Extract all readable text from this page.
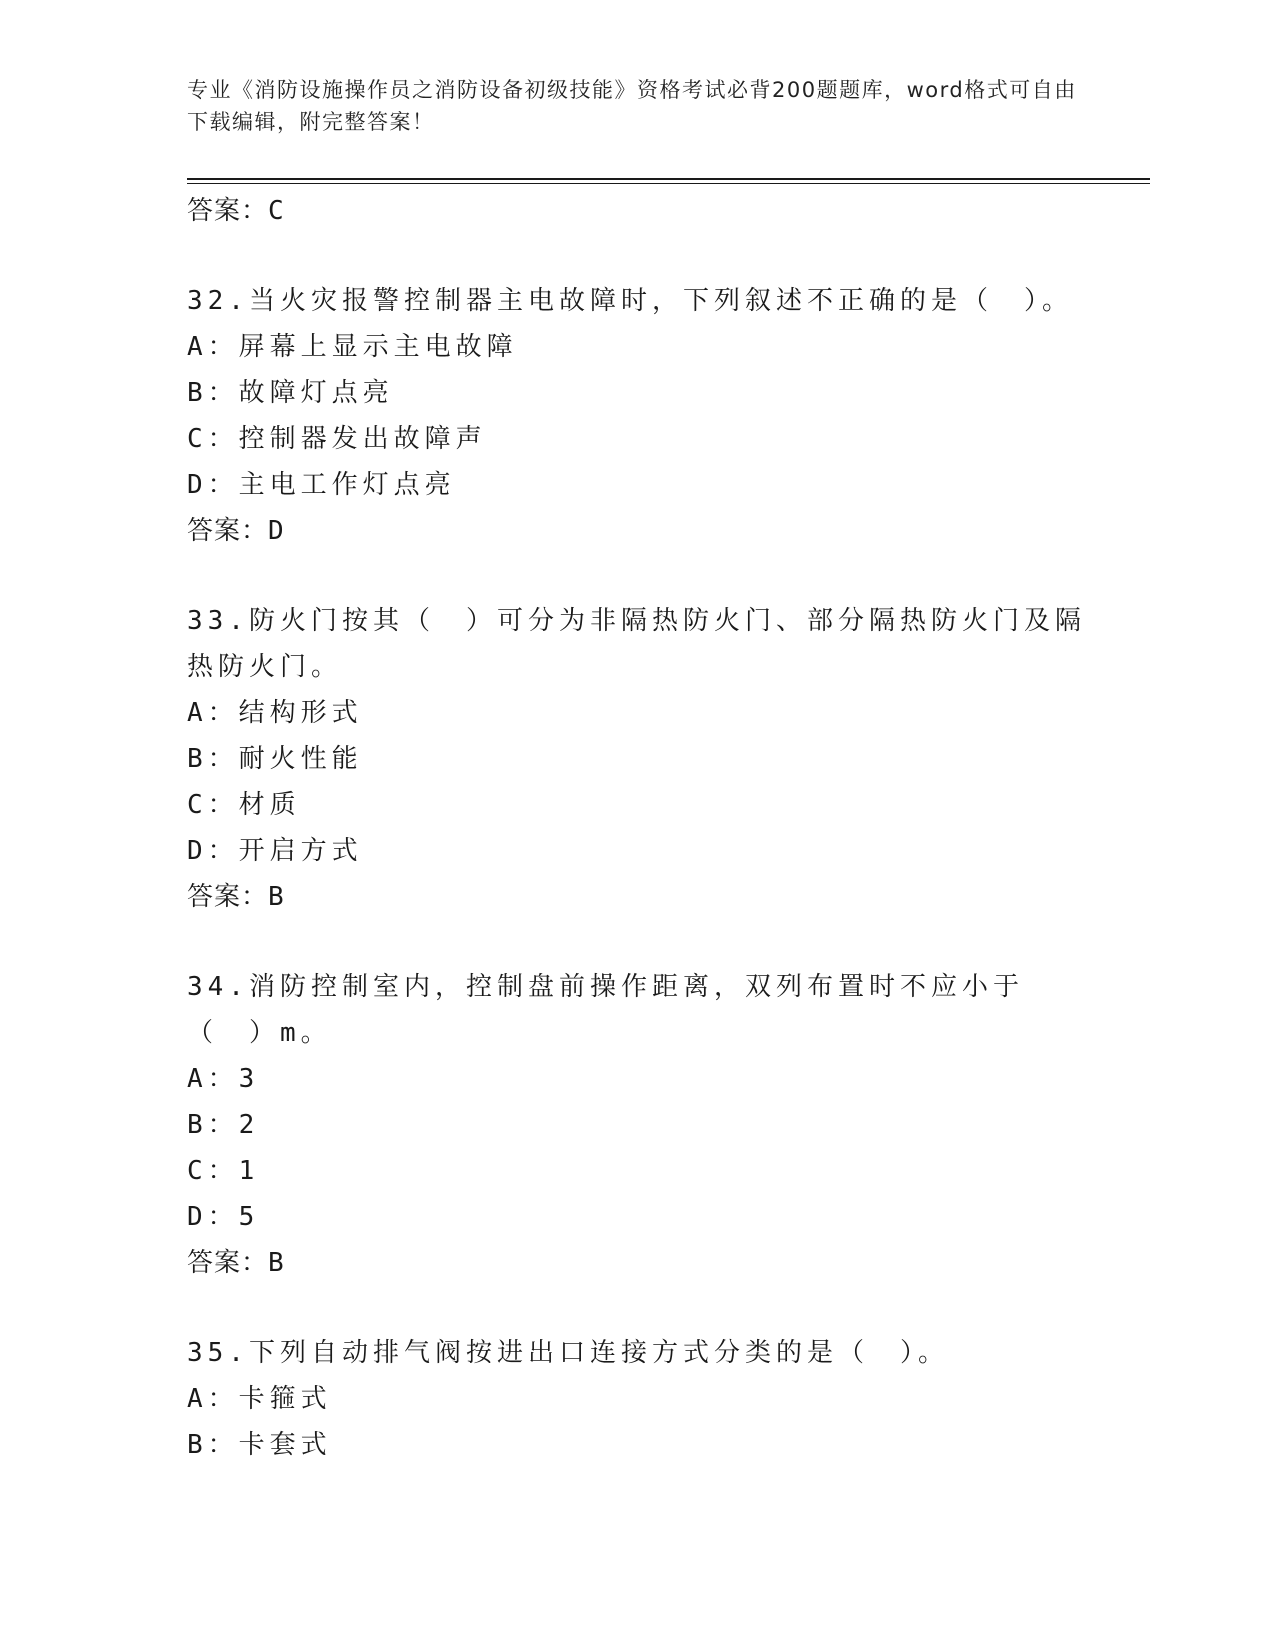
专业《消防设施操作员之消防设备初级技能》资格考试必背200题题库，word格式可自由下载编辑，附完整答案！
答案：C
32.当火灾报警控制器主电故障时，下列叙述不正确的是（　）。
A：屏幕上显示主电故障
B：故障灯点亮
C：控制器发出故障声
D：主电工作灯点亮
答案：D
33.防火门按其（　）可分为非隔热防火门、部分隔热防火门及隔热防火门。
A：结构形式
B：耐火性能
C：材质
D：开启方式
答案：B
34.消防控制室内，控制盘前操作距离，双列布置时不应小于（　）m。
A：3
B：2
C：1
D：5
答案：B
35.下列自动排气阀按进出口连接方式分类的是（　）。
A：卡箍式
B：卡套式
